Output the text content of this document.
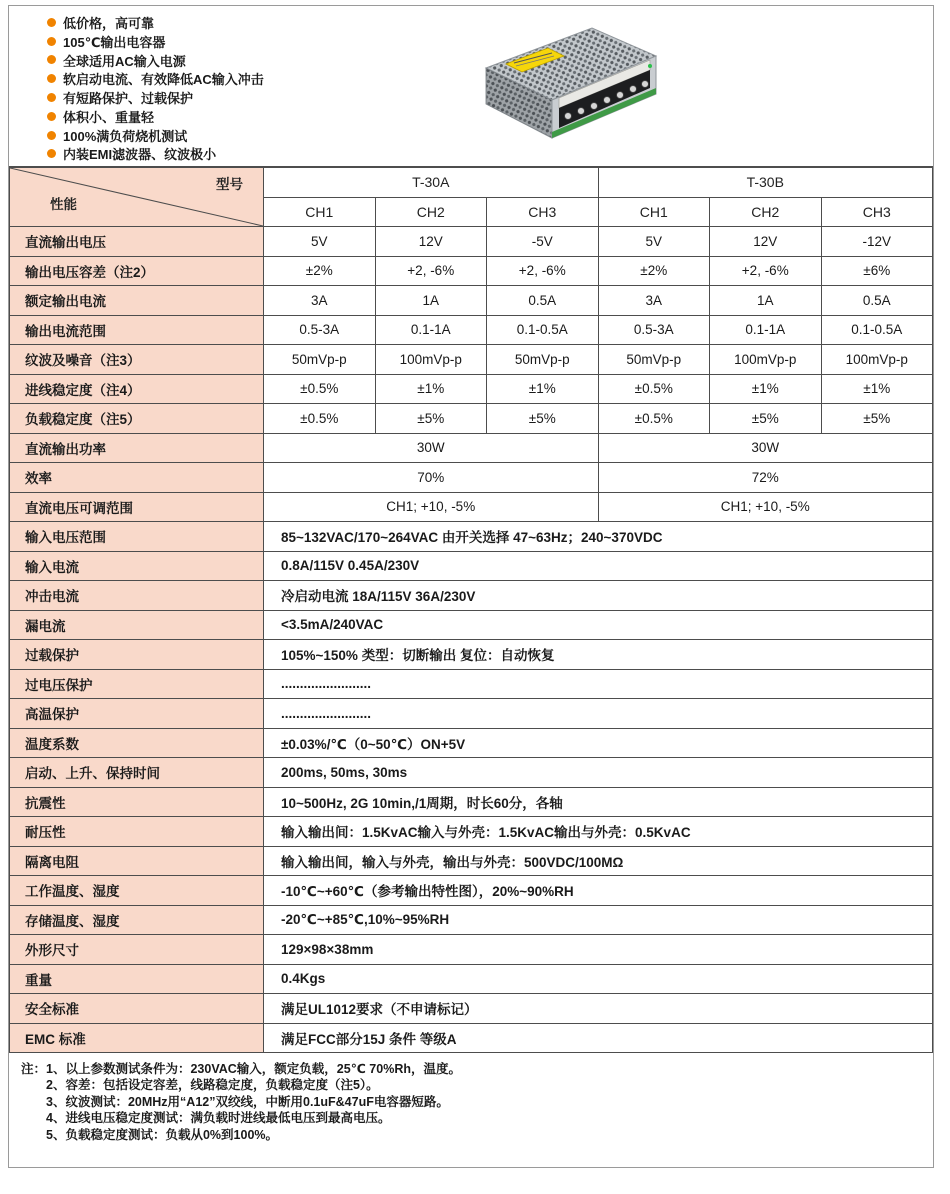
低价格，高可靠
105℃输出电容器
全球适用AC输入电源
软启动电流、有效降低AC输入冲击
有短路保护、过载保护
体积小、重量轻
100%满负荷烧机测试
内装EMI滤波器、纹波极小
型号
性能	T-30A			T-30B		
	CH1	CH2	CH3	CH1	CH2	CH3
直流输出电压	5V	12V	-5V	5V	12V	-12V
输出电压容差（注2）	±2%	+2, -6%	+2, -6%	±2%	+2, -6%	±6%
额定输出电流	3A	1A	0.5A	3A	1A	0.5A
输出电流范围	0.5-3A	0.1-1A	0.1-0.5A	0.5-3A	0.1-1A	0.1-0.5A
纹波及噪音（注3）	50mVp-p	100mVp-p	50mVp-p	50mVp-p	100mVp-p	100mVp-p
进线稳定度（注4）	±0.5%	±1%	±1%	±0.5%	±1%	±1%
负载稳定度（注5）	±0.5%	±5%	±5%	±0.5%	±5%	±5%
直流输出功率	30W			30W		
效率	70%			72%		
直流电压可调范围	CH1; +10, -5%			CH1; +10, -5%		
输入电压范围	85~132VAC/170~264VAC 由开关选择 47~63Hz；240~370VDC					
输入电流	0.8A/115V 0.45A/230V					
冲击电流	冷启动电流 18A/115V 36A/230V					
漏电流	<3.5mA/240VAC					
过载保护	105%~150% 类型：切断输出 复位：自动恢复					
过电压保护	........................					
高温保护	........................					
温度系数	±0.03%/℃（0~50℃）ON+5V					
启动、上升、保持时间	200ms, 50ms, 30ms					
抗震性	10~500Hz, 2G 10min,/1周期，时长60分，各轴					
耐压性	输入输出间：1.5KvAC输入与外壳：1.5KvAC输出与外壳：0.5KvAC					
隔离电阻	输入输出间，输入与外壳，输出与外壳：500VDC/100MΩ					
工作温度、湿度	-10℃~+60℃（参考输出特性图），20%~90%RH					
存储温度、湿度	-20℃~+85℃,10%~95%RH					
外形尺寸	129×98×38mm					
重量	0.4Kgs					
安全标准	满足UL1012要求（不申请标记）					
EMC 标准	满足FCC部分15J 条件 等级A					
注： 1、以上参数测试条件为：230VAC输入，额定负载，25℃ 70%Rh，温度。
2、容差：包括设定容差，线路稳定度，负载稳定度（注5）。
3、纹波测试：20MHz用“A12”双绞线，中断用0.1uF&47uF电容器短路。
4、进线电压稳定度测试：满负载时进线最低电压到最高电压。
5、负载稳定度测试：负载从0%到100%。
